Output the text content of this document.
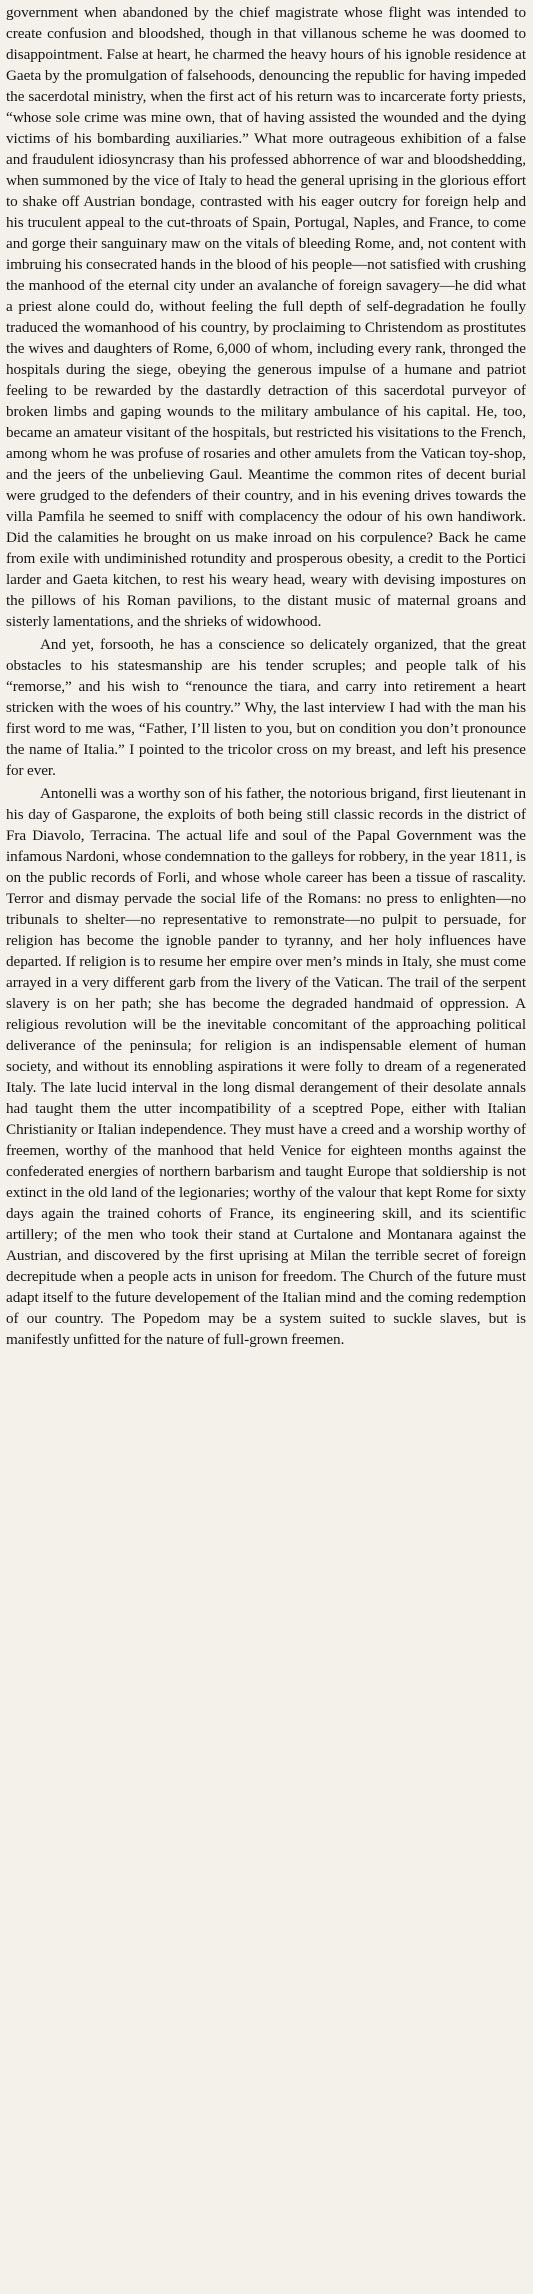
government when abandoned by the chief magistrate whose flight was intended to create confusion and bloodshed, though in that villanous scheme he was doomed to disappointment. False at heart, he charmed the heavy hours of his ignoble residence at Gaeta by the promulgation of falsehoods, denouncing the republic for having impeded the sacerdotal ministry, when the first act of his return was to incarcerate forty priests, “whose sole crime was mine own, that of having assisted the wounded and the dying victims of his bombarding auxiliaries.” What more outrageous exhibition of a false and fraudulent idiosyncrasy than his professed abhorrence of war and bloodshedding, when summoned by the vice of Italy to head the general uprising in the glorious effort to shake off Austrian bondage, contrasted with his eager outcry for foreign help and his truculent appeal to the cut-throats of Spain, Portugal, Naples, and France, to come and gorge their sanguinary maw on the vitals of bleeding Rome, and, not content with imbruing his consecrated hands in the blood of his people—not satisfied with crushing the manhood of the eternal city under an avalanche of foreign savagery—he did what a priest alone could do, without feeling the full depth of self-degradation he foully traduced the womanhood of his country, by proclaiming to Christendom as prostitutes the wives and daughters of Rome, 6,000 of whom, including every rank, thronged the hospitals during the siege, obeying the generous impulse of a humane and patriot feeling to be rewarded by the dastardly detraction of this sacerdotal purveyor of broken limbs and gaping wounds to the military ambulance of his capital. He, too, became an amateur visitant of the hospitals, but restricted his visitations to the French, among whom he was profuse of rosaries and other amulets from the Vatican toy-shop, and the jeers of the unbelieving Gaul. Meantime the common rites of decent burial were grudged to the defenders of their country, and in his evening drives towards the villa Pamfila he seemed to sniff with complacency the odour of his own handiwork. Did the calamities he brought on us make inroad on his corpulence? Back he came from exile with undiminished rotundity and prosperous obesity, a credit to the Portici larder and Gaeta kitchen, to rest his weary head, weary with devising impostures on the pillows of his Roman pavilions, to the distant music of maternal groans and sisterly lamentations, and the shrieks of widowhood.

And yet, forsooth, he has a conscience so delicately organized, that the great obstacles to his statesmanship are his tender scruples; and people talk of his “remorse,” and his wish to “renounce the tiara, and carry into retirement a heart stricken with the woes of his country.” Why, the last interview I had with the man his first word to me was, “Father, I’ll listen to you, but on condition you don’t pronounce the name of Italia.” I pointed to the tricolor cross on my breast, and left his presence for ever.

Antonelli was a worthy son of his father, the notorious brigand, first lieutenant in his day of Gasparone, the exploits of both being still classic records in the district of Fra Diavolo, Terracina. The actual life and soul of the Papal Government was the infamous Nardoni, whose condemnation to the galleys for robbery, in the year 1811, is on the public records of Forli, and whose whole career has been a tissue of rascality. Terror and dismay pervade the social life of the Romans: no press to enlighten—no tribunals to shelter—no representative to remonstrate—no pulpit to persuade, for religion has become the ignoble pander to tyranny, and her holy influences have departed. If religion is to resume her empire over men’s minds in Italy, she must come arrayed in a very different garb from the livery of the Vatican. The trail of the serpent slavery is on her path; she has become the degraded handmaid of oppression. A religious revolution will be the inevitable concomitant of the approaching political deliverance of the peninsula; for religion is an indispensable element of human society, and without its ennobling aspirations it were folly to dream of a regenerated Italy. The late lucid interval in the long dismal derangement of their desolate annals had taught them the utter incompatibility of a sceptred Pope, either with Italian Christianity or Italian independence. They must have a creed and a worship worthy of freemen, worthy of the manhood that held Venice for eighteen months against the confederated energies of northern barbarism and taught Europe that soldiership is not extinct in the old land of the legionaries; worthy of the valour that kept Rome for sixty days again the trained cohorts of France, its engineering skill, and its scientific artillery; of the men who took their stand at Curtalone and Montanara against the Austrian, and discovered by the first uprising at Milan the terrible secret of foreign decrepitude when a people acts in unison for freedom. The Church of the future must adapt itself to the future developement of the Italian mind and the coming redemption of our country. The Popedom may be a system suited to suckle slaves, but is manifestly unfitted for the nature of full-grown freemen.
